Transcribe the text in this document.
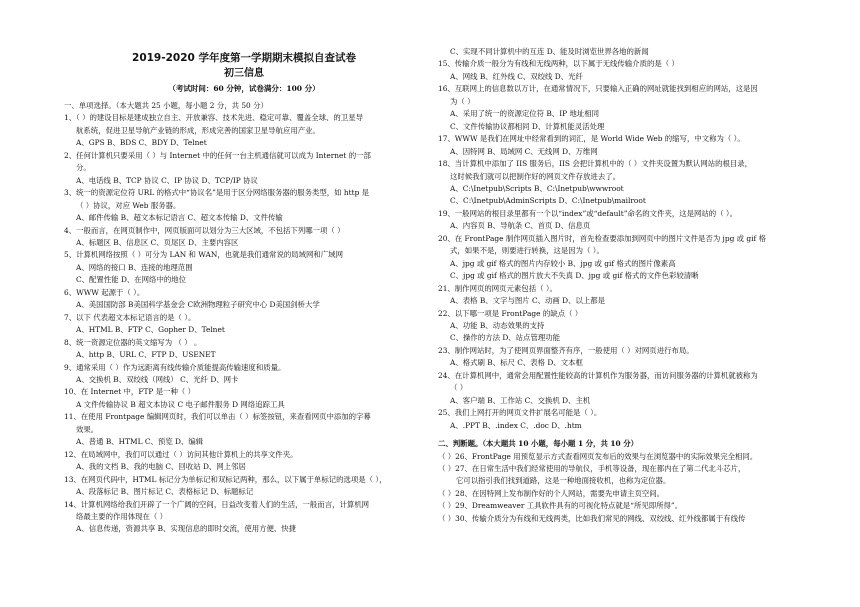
2019-2020 学年度第一学期期末模拟自查试卷
初三信息
（考试时间：60 分钟，试卷满分：100 分）
一、单项选择。（本大题共 25 小题，每小题 2 分，共 50 分）
1、（ ）的建设目标是建成独立自主、开放兼容、技术先进、稳定可靠、覆盖全球、的卫星导
航系统，促进卫星导航产业链的形成，形成完善的国家卫星导航应用产业。
A、GPS B、BDS C、BDY D、Telnet
2、任何计算机只要采用（ ）与 Internet 中的任何一台主机通信就可以成为 Internet 的一部
分。
A、电话线 B、TCP 协议 C、IP 协议 D、TCP/IP 协议
3、统一的资源定位符 URL 的格式中“协议名”是用于区分网络服务器的服务类型，如 http 是
（ ）协议，对应 Web 服务器。
A、邮件传输 B、超文本标记语言 C、超文本传输 D、文件传输
4、一般而言，在网页制作中，网页版面可以划分为三大区域，不包括下列哪一项（ ）
A、标题区 B、信息区 C、页尾区 D、主要内容区
5、计算机网络按照（ ）可分为 LAN 和 WAN，也就是我们通常说的局域网和广域网
A、网络的接口 B、连接的地理范围
C、配置性能 D、在网络中的地位
6、WWW 起源于（ ）。
A、美国国防部 B美国科学基金会 C欧洲物理粒子研究中心 D美国剑桥大学
7、以下 代表超文本标记语言的是（ ）。
A、HTML B、FTP C、Gopher D、Telnet
8、统一资源定位器的英文缩写为 （ ） 。
A、http B、URL C、FTP D、USENET
9、通常采用（ ）作为远距离有线传输介质能提高传输速度和质量。
A、交换机 B、双绞线（网线） C、光纤 D、网卡
10、在 Internet 中，FTP 是一种（ ）
A 文件传输协议 B 超文本协议 C 电子邮件服务 D 网络追踪工具
11、在使用 Frontpage 编辑网页时，我们可以单击（ ）标签按钮，来查看网页中添加的字幕
效果。
A、普通 B、HTML C、预览 D、编辑
12、在局域网中，我们可以通过（ ）访问其他计算机上的共享文件夹。
A、我的文档 B、我的电脑 C、回收站 D、网上邻居
13、在网页代码中，HTML 标记分为单标记和双标记两种，那么，以下属于单标记的选项是（ ），
A、段落标记 B、图片标记 C、表格标记 D、标题标记
14、计算机网络给我们开辟了一个广阔的空间，日益改变着人们的生活，一般而言，计算机网
络最主要的作用体现在（ ）
A、信息传递，资源共享 B、实现信息的即时交流，使用方便、快捷
C、实现不同计算机中的互连 D、能及时浏览世界各地的新闻
15、传输介质一般分为有线和无线两种，以下属于无线传输介质的是（ ）
A、网线 B、红外线 C、双绞线 D、光纤
16、互联网上的信息数以万计，在通常情况下，只要输入正确的网址就能找到相应的网站，这是因
为（ ）
A、采用了统一的资源定位符 B、IP 地址相同
C、文件传输协议都相同 D、计算机能灵活处理
17、WWW 是我们在网址中经常看到的词汇，是 World Wide Web 的缩写，中文称为（ ）。
A、因特网 B、局域网 C、无线网 D、万维网
18、当计算机中添加了 IIS 服务后，IIS 会把计算机中的（ ）文件夹设置为默认网站的根目录，
这时候我们就可以把制作好的网页文件存放进去了。
A、C:\Inetpub\Scripts B、C:\Inetpub\wwwroot
C、C:\Inetpub\AdminScripts D、C:\Inetpub\mailroot
19、一般网站的根目录里都有一个以“index”或“default”命名的文件夹，这是网站的（ ）。
A、内容页 B、导航条 C、首页 D、信息页
20、在 FrontPage 制作网页插入图片时，首先检查要添加到网页中的图片文件是否为 jpg 或 gif 格
式，如果不是，则要进行转换，这是因为（ ）。
A、jpg 或 gif 格式的图片内存较小 B、jpg 或 gif 格式的图片像素高
C、jpg 或 gif 格式的图片放大不失真 D、jpg 或 gif 格式的文件色彩较清晰
21、制作网页的网页元素包括（ ）。
A、表格 B、文字与图片 C、动画 D、以上都是
22、以下哪一项是 FrontPage 的缺点（ ）
A、功能 B、动态效果的支持
C、操作的方法 D、站点管理功能
23、制作网站时，为了使网页界面整齐有序，一般使用（ ）对网页进行布局。
A、格式刷 B、标尺 C、表格 D、文本框
24、在计算机网中，通常会用配置性能较高的计算机作为服务器，而访问服务器的计算机就被称为
（ ）
A、客户端 B、工作站 C、交换机 D、主机
25、我们上网打开的网页文件扩展名可能是（ ）。
A、.PPT B、.index C、.doc D、.htm
二、判断题。（本大题共 10 小题，每小题 1 分，共 10 分）
（ ）26、FrontPage 用预览显示方式查看网页发布后的效果与在浏览器中的实际效果完全相同。
（ ）27、在日常生活中我们经常使用的导航仪，手机等设备，现在都内在了第二代北斗芯片，
它可以指引我们找到道路，这是一种地面接收机，也称为定位器。
（ ）28、在因特网上发布制作好的个人网站，需要先申请主页空间。
（ ）29、Dreamweaver 工具软件具有的可视化特点就是“所见即所得”。
（ ）30、传输介质分为有线和无线两类，比如我们常见的网线、双绞线、红外线都属于有线传
